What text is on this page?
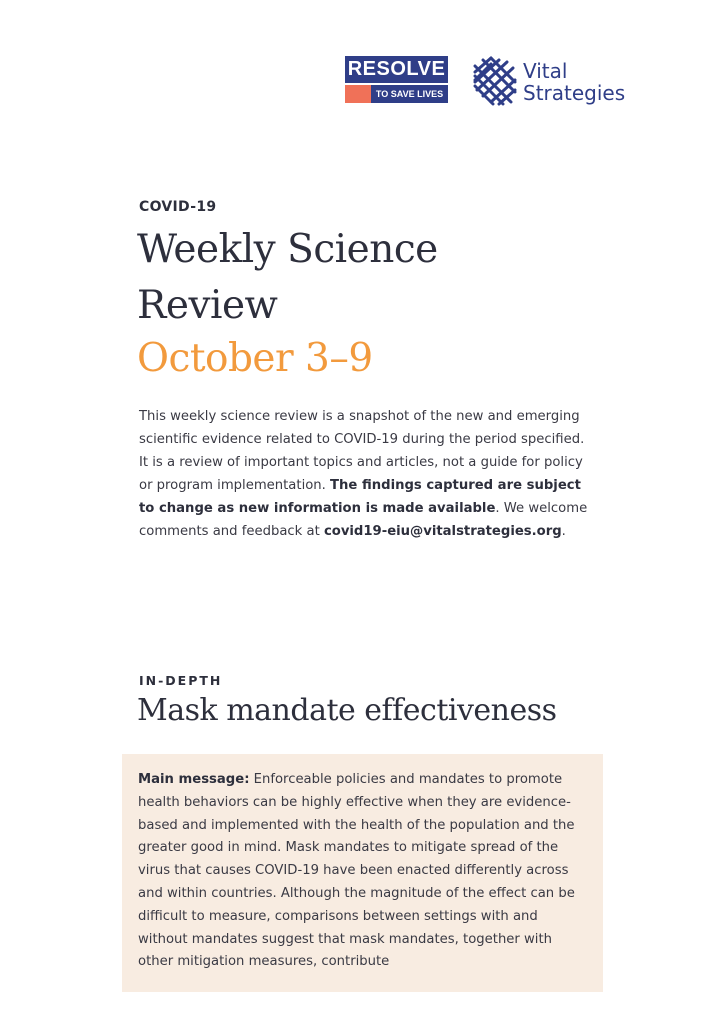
RESOLVE
TO SAVE LIVES
Vital
Strategies
COVID-19
Weekly Science
Review
October 3–9

This weekly science review is a snapshot of the new and emerging scientific evidence related to COVID-19 during the period specified. It is a review of important topics and articles, not a guide for policy or program implementation. The findings captured are subject to change as new information is made available. We welcome comments and feedback at covid19-eiu@vitalstrategies.org.

IN-DEPTH
Mask mandate effectiveness

Main message: Enforceable policies and mandates to promote health behaviors can be highly effective when they are evidence-based and implemented with the health of the population and the greater good in mind. Mask mandates to mitigate spread of the virus that causes COVID-19 have been enacted differently across and within countries. Although the magnitude of the effect can be difficult to measure, comparisons between settings with and without mandates suggest that mask mandates, together with other mitigation measures, contribute
